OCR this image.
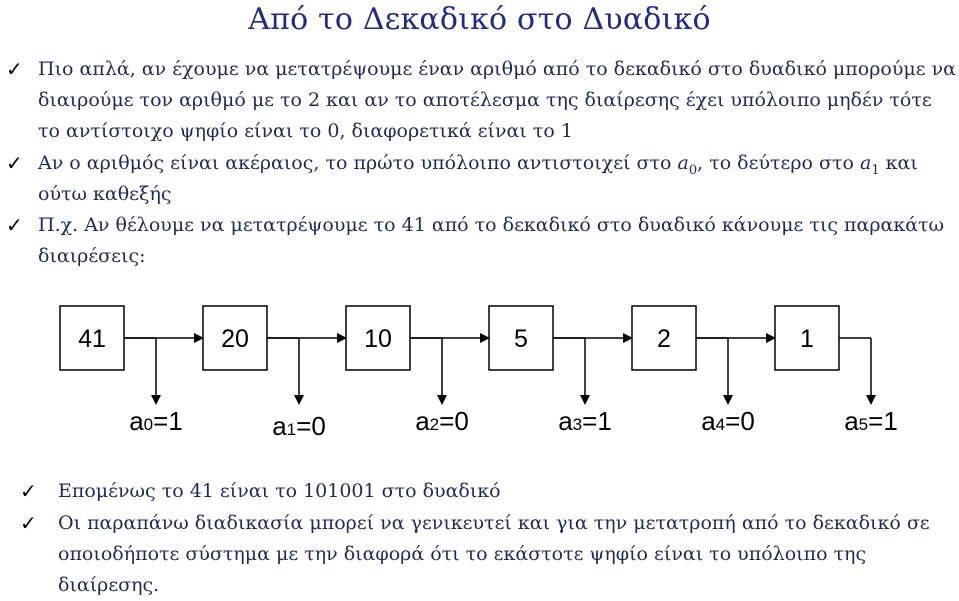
Από το Δεκαδικό στο Δυαδικό
✓ Πιο απλά, αν έχουμε να μετατρέψουμε έναν αριθμό από το δεκαδικό στο δυαδικό μπορούμε να διαιρούμε τον αριθμό με το 2 και αν το αποτέλεσμα της διαίρεσης έχει υπόλοιπο μηδέν τότε το αντίστοιχο ψηφίο είναι το 0, διαφορετικά είναι το 1
✓ Αν ο αριθμός είναι ακέραιος, το πρώτο υπόλοιπο αντιστοιχεί στο $a_0$, το δεύτερο στο $a_1$ και ούτω καθεξής
✓ Π.χ. Αν θέλουμε να μετατρέψουμε το 41 από το δεκαδικό στο δυαδικό κάνουμε τις παρακάτω διαιρέσεις:
41	20	10	5	2	1
a0=1	a1=0	a2=0	a3=1	a4=0	a5=1
✓	Επομένως το 41 είναι το 101001 στο δυαδικό
✓	Οι παραπάνω διαδικασία μπορεί να γενικευτεί και για την μετατροπή από το δεκαδικό σε οποιοδήποτε σύστημα με την διαφορά ότι το εκάστοτε ψηφίο είναι το υπόλοιπο της διαίρεσης.
